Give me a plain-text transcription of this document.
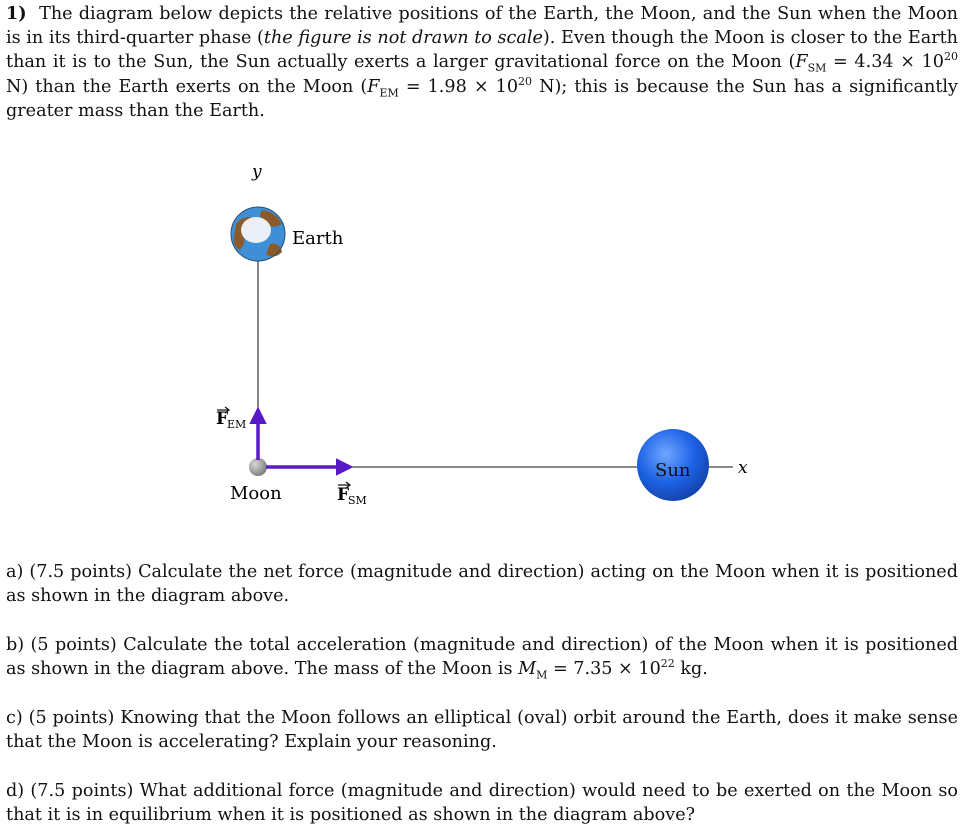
1) The diagram below depicts the relative positions of the Earth, the Moon, and the Sun when the Moon is in its third-quarter phase (the figure is not drawn to scale). Even though the Moon is closer to the Earth than it is to the Sun, the Sun actually exerts a larger gravitational force on the Moon ($F_{SM} = 4.34 \times 10^{20}$ N) than the Earth exerts on the Moon ($F_{EM} = 1.98 \times 10^{20}$ N); this is because the Sun has a significantly greater mass than the Earth.

y
x
Earth
Moon
F
EM
F
SM
Sun

a) (7.5 points) Calculate the net force (magnitude and direction) acting on the Moon when it is positioned as shown in the diagram above.

b) (5 points) Calculate the total acceleration (magnitude and direction) of the Moon when it is positioned as shown in the diagram above. The mass of the Moon is $M_M = 7.35 \times 10^{22}$ kg.

c) (5 points) Knowing that the Moon follows an elliptical (oval) orbit around the Earth, does it make sense that the Moon is accelerating? Explain your reasoning.

d) (7.5 points) What additional force (magnitude and direction) would need to be exerted on the Moon so that it is in equilibrium when it is positioned as shown in the diagram above?
